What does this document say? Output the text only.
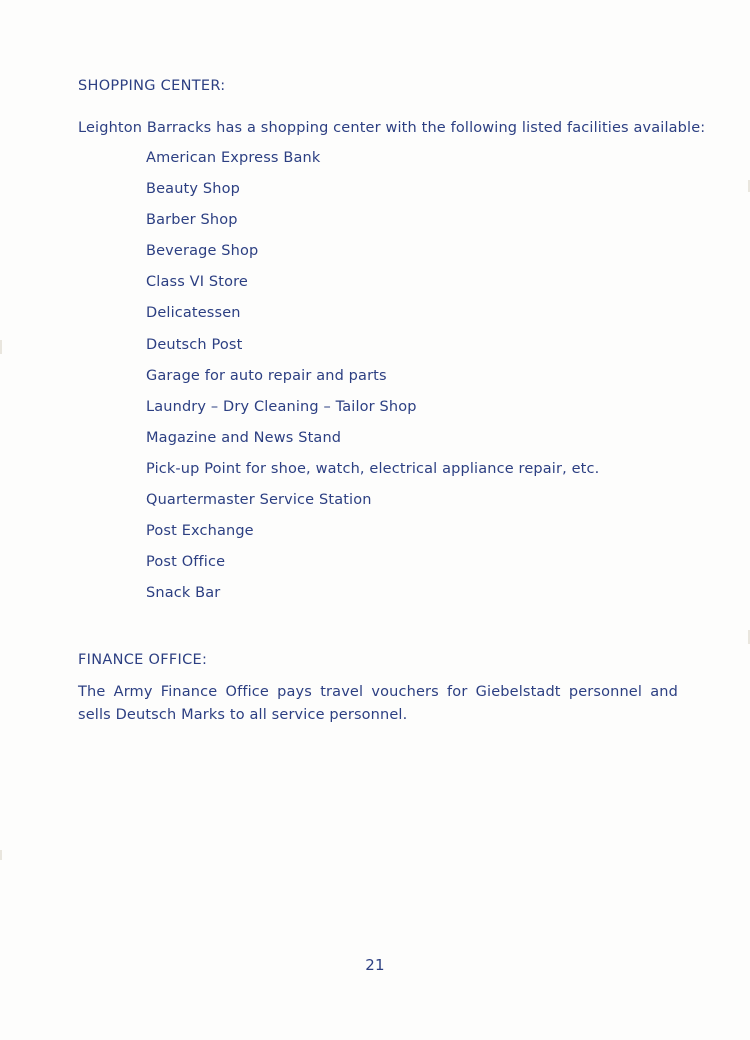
SHOPPING CENTER:

Leighton Barracks has a shopping center with the following listed facilities available:

American Express Bank
Beauty Shop
Barber Shop
Beverage Shop
Class VI Store
Delicatessen
Deutsch Post
Garage for auto repair and parts
Laundry – Dry Cleaning – Tailor Shop
Magazine and News Stand
Pick-up Point for shoe, watch, electrical appliance repair, etc.
Quartermaster Service Station
Post Exchange
Post Office
Snack Bar
FINANCE OFFICE:

The Army Finance Office pays travel vouchers for Giebelstadt personnel and sells Deutsch Marks to all service personnel.

21
